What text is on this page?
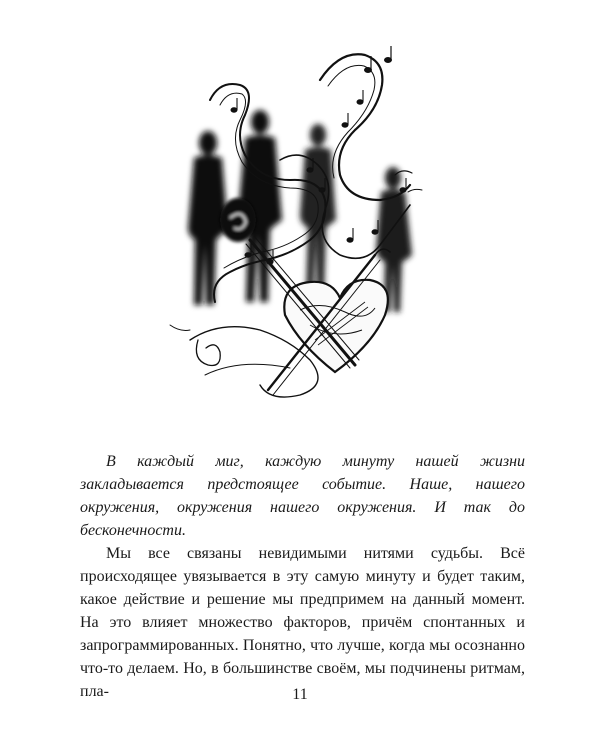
В каждый миг, каждую минуту нашей жизни закладывается предстоящее событие. Наше, нашего окружения, окружения нашего окружения. И так до бесконечности.

Мы все связаны невидимыми нитями судьбы. Всё происходящее увязывается в эту самую минуту и будет таким, какое действие и решение мы предпримем на данный момент. На это влияет множество факторов, причём спонтанных и запрограммированных. Понятно, что лучше, когда мы осознанно что-то делаем. Но, в большинстве своём, мы подчинены ритмам, пла-	11
